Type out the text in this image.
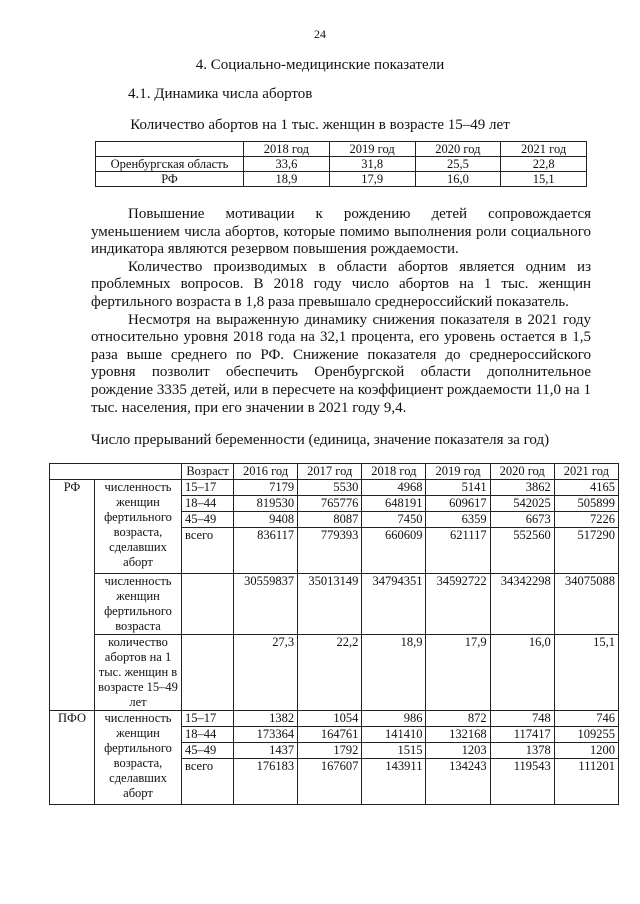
24
4. Социально-медицинские показатели
4.1. Динамика числа абортов
Количество абортов на 1 тыс. женщин в возрасте 15–49 лет
	2018 год	2019 год	2020 год	2021 год
Оренбургская область	33,6	31,8	25,5	22,8
РФ	18,9	17,9	16,0	15,1

Повышение мотивации к рождению детей сопровождается уменьшением числа абортов, которые помимо выполнения роли социального индикатора являются резервом повышения рождаемости.

Количество производимых в области абортов является одним из проблемных вопросов. В 2018 году число абортов на 1 тыс. женщин фертильного возраста в 1,8 раза превышало среднероссийский показатель.

Несмотря на выраженную динамику снижения показателя в 2021 году относительно уровня 2018 года на 32,1 процента, его уровень остается в 1,5 раза выше среднего по РФ. Снижение показателя до среднероссийского уровня позволит обеспечить Оренбургской области дополнительное рождение 3335 детей, или в пересчете на коэффициент рождаемости 11,0 на 1 тыс. населения, при его значении в 2021 году 9,4.

Число прерываний беременности (единица, значение показателя за год)
		Возраст	2016 год	2017 год	2018 год	2019 год	2020 год	2021 год
РФ	численность женщин фертильного возраста, сделавших аборт	15–17	7179	5530	4968	5141	3862	4165
		18–44	819530	765776	648191	609617	542025	505899
		45–49	9408	8087	7450	6359	6673	7226
		всего	836117	779393	660609	621117	552560	517290
	численность женщин фертильного возраста		30559837	35013149	34794351	34592722	34342298	34075088
	количество абортов на 1 тыс. женщин в возрасте 15–49 лет		27,3	22,2	18,9	17,9	16,0	15,1
ПФО	численность женщин фертильного возраста, сделавших аборт	15–17	1382	1054	986	872	748	746
		18–44	173364	164761	141410	132168	117417	109255
		45–49	1437	1792	1515	1203	1378	1200
		всего	176183	167607	143911	134243	119543	111201
